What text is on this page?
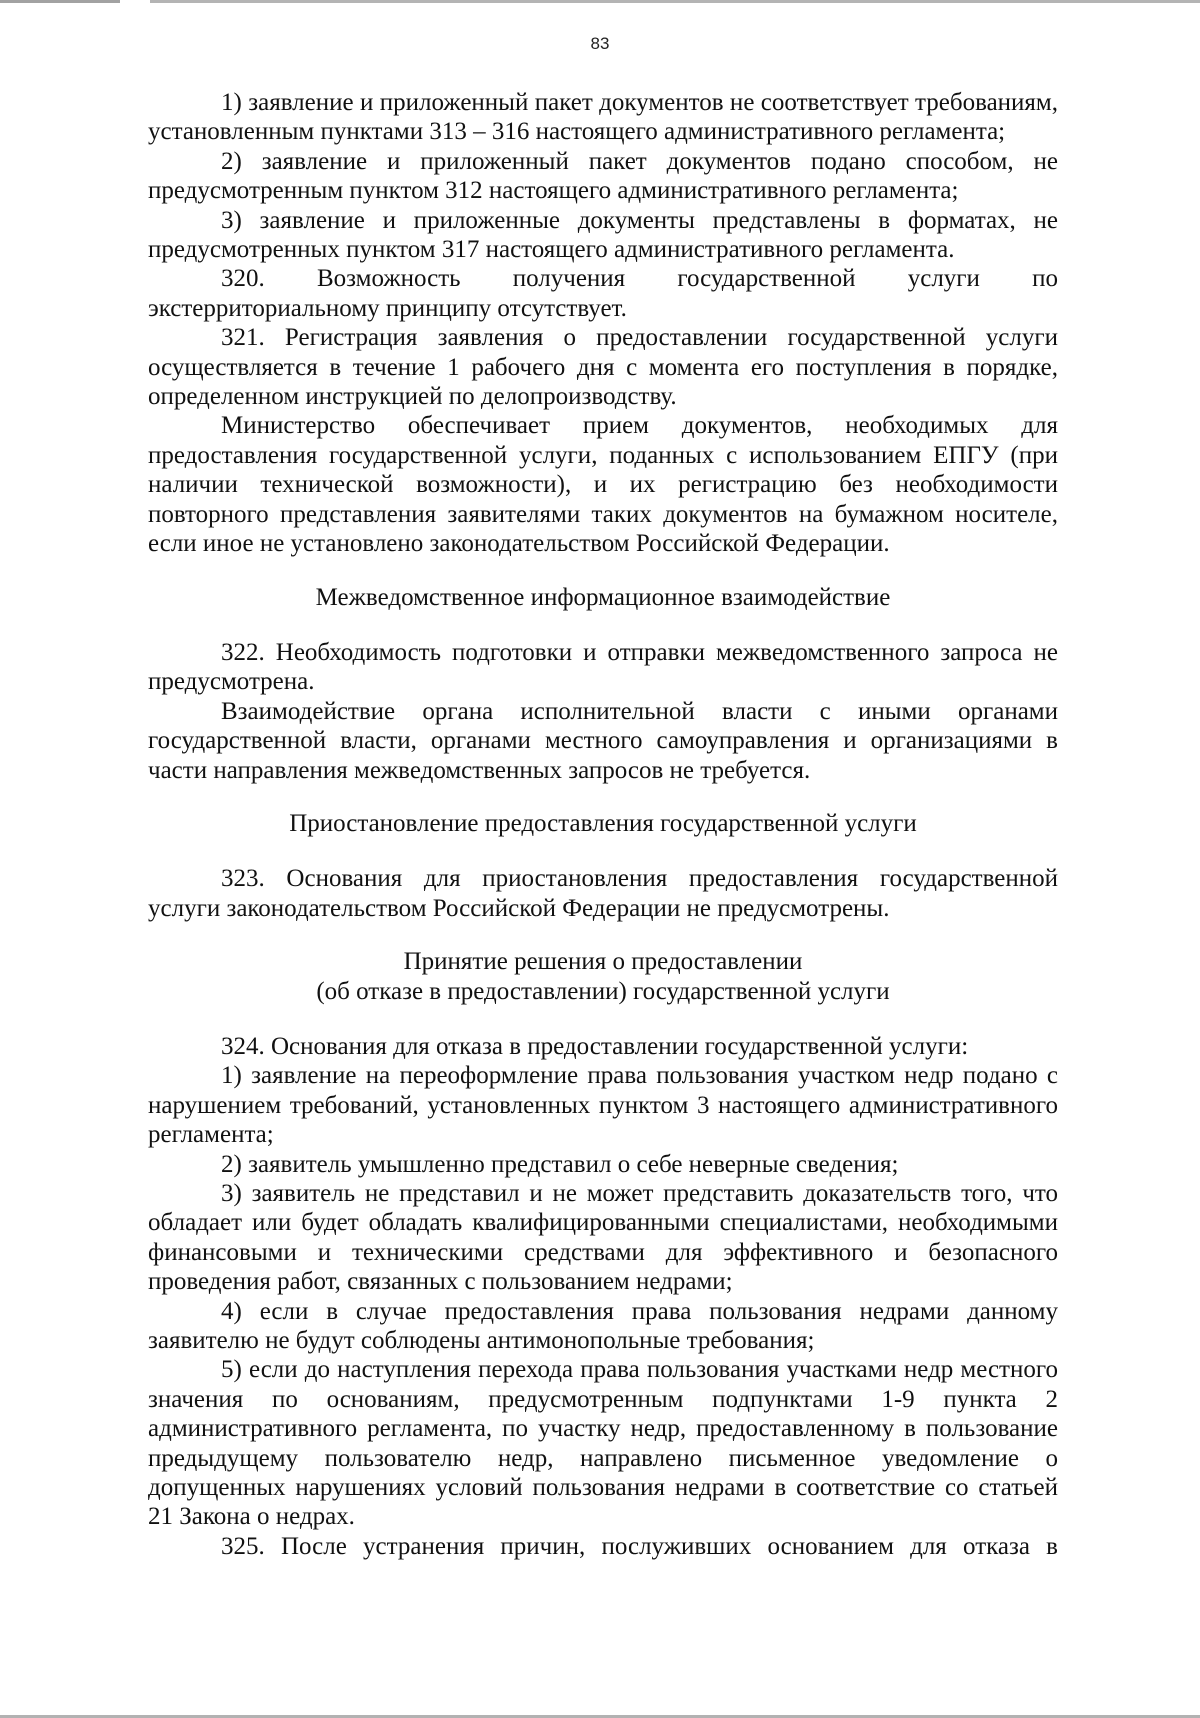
83

1) заявление и приложенный пакет документов не соответствует требованиям, установленным пунктами 313 – 316 настоящего административного регламента;

2) заявление и приложенный пакет документов подано способом, не предусмотренным пунктом 312 настоящего административного регламента;

3) заявление и приложенные документы представлены в форматах, не предусмотренных пунктом 317 настоящего административного регламента.

320. Возможность получения государственной услуги по экстерриториальному принципу отсутствует.

321. Регистрация заявления о предоставлении государственной услуги осуществляется в течение 1 рабочего дня с момента его поступления в порядке, определенном инструкцией по делопроизводству.

Министерство обеспечивает прием документов, необходимых для предоставления государственной услуги, поданных с использованием ЕПГУ (при наличии технической возможности), и их регистрацию без необходимости повторного представления заявителями таких документов на бумажном носителе, если иное не установлено законодательством Российской Федерации.

Межведомственное информационное взаимодействие

322. Необходимость подготовки и отправки межведомственного запроса не предусмотрена.

Взаимодействие органа исполнительной власти с иными органами государственной власти, органами местного самоуправления и организациями в части направления межведомственных запросов не требуется.

Приостановление предоставления государственной услуги

323. Основания для приостановления предоставления государственной услуги законодательством Российской Федерации не предусмотрены.

Принятие решения о предоставлении
(об отказе в предоставлении) государственной услуги

324. Основания для отказа в предоставлении государственной услуги:

1) заявление на переоформление права пользования участком недр подано с нарушением требований, установленных пунктом 3 настоящего административного регламента;

2) заявитель умышленно представил о себе неверные сведения;

3) заявитель не представил и не может представить доказательств того, что обладает или будет обладать квалифицированными специалистами, необходимыми финансовыми и техническими средствами для эффективного и безопасного проведения работ, связанных с пользованием недрами;

4) если в случае предоставления права пользования недрами данному заявителю не будут соблюдены антимонопольные требования;

5) если до наступления перехода права пользования участками недр местного значения по основаниям, предусмотренным подпунктами 1-9 пункта 2 административного регламента, по участку недр, предоставленному в пользование предыдущему пользователю недр, направлено письменное уведомление о допущенных нарушениях условий пользования недрами в соответствие со статьей 21 Закона о недрах.

325. После устранения причин, послуживших основанием для отказа в
